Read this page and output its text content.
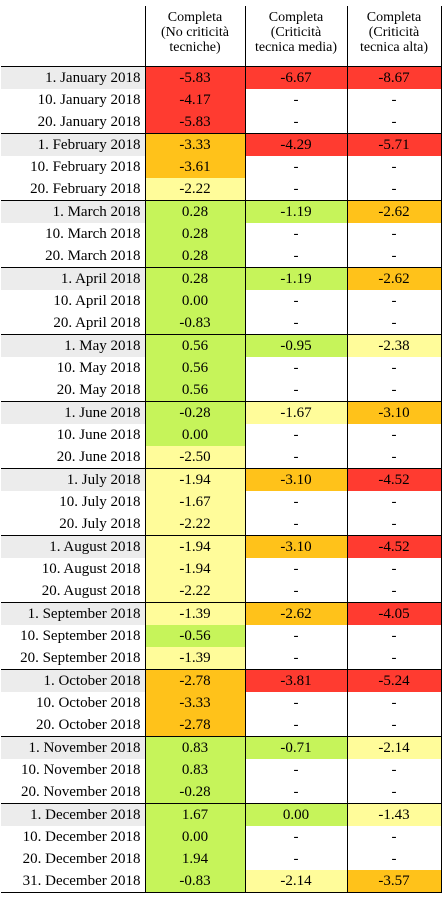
	Completa
(No criticità
tecniche)	Completa
(Criticità
tecnica media)	Completa
(Criticità
tecnica alta)

1. January 2018	-5.83	-6.67	-8.67
10. January 2018	-4.17	-	-
20. January 2018	-5.83	-	-
1. February 2018	-3.33	-4.29	-5.71
10. February 2018	-3.61	-	-
20. February 2018	-2.22	-	-
1. March 2018	0.28	-1.19	-2.62
10. March 2018	0.28	-	-
20. March 2018	0.28	-	-
1. April 2018	0.28	-1.19	-2.62
10. April 2018	0.00	-	-
20. April 2018	-0.83	-	-
1. May 2018	0.56	-0.95	-2.38
10. May 2018	0.56	-	-
20. May 2018	0.56	-	-
1. June 2018	-0.28	-1.67	-3.10
10. June 2018	0.00	-	-
20. June 2018	-2.50	-	-
1. July 2018	-1.94	-3.10	-4.52
10. July 2018	-1.67	-	-
20. July 2018	-2.22	-	-
1. August 2018	-1.94	-3.10	-4.52
10. August 2018	-1.94	-	-
20. August 2018	-2.22	-	-
1. September 2018	-1.39	-2.62	-4.05
10. September 2018	-0.56	-	-
20. September 2018	-1.39	-	-
1. October 2018	-2.78	-3.81	-5.24
10. October 2018	-3.33	-	-
20. October 2018	-2.78	-	-
1. November 2018	0.83	-0.71	-2.14
10. November 2018	0.83	-	-
20. November 2018	-0.28	-	-
1. December 2018	1.67	0.00	-1.43
10. December 2018	0.00	-	-
20. December 2018	1.94	-	-
31. December 2018	-0.83	-2.14	-3.57
